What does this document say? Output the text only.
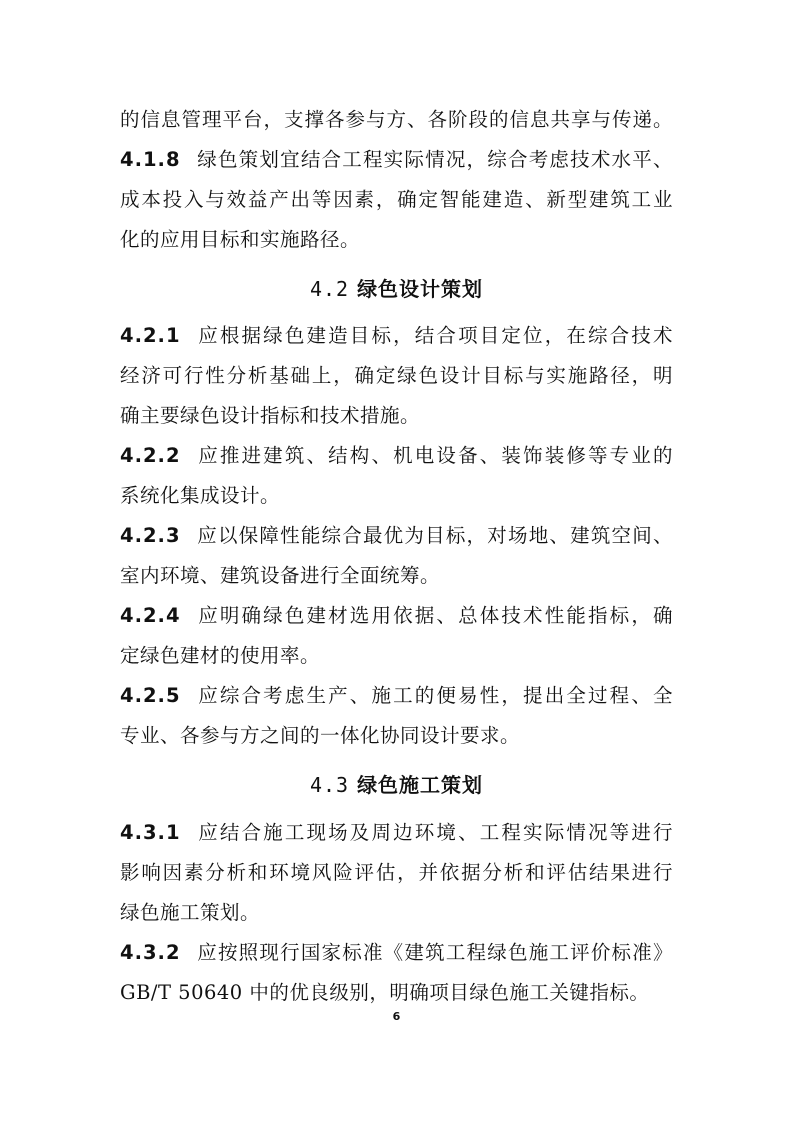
的信息管理平台，支撑各参与方、各阶段的信息共享与传递。
4.1.8 绿色策划宜结合工程实际情况，综合考虑技术水平、
成本投入与效益产出等因素，确定智能建造、新型建筑工业
化的应用目标和实施路径。
4.2 绿色设计策划
4.2.1 应根据绿色建造目标，结合项目定位，在综合技术
经济可行性分析基础上，确定绿色设计目标与实施路径，明
确主要绿色设计指标和技术措施。
4.2.2 应推进建筑、结构、机电设备、装饰装修等专业的
系统化集成设计。
4.2.3 应以保障性能综合最优为目标，对场地、建筑空间、
室内环境、建筑设备进行全面统筹。
4.2.4 应明确绿色建材选用依据、总体技术性能指标，确
定绿色建材的使用率。
4.2.5 应综合考虑生产、施工的便易性，提出全过程、全
专业、各参与方之间的一体化协同设计要求。
4.3 绿色施工策划
4.3.1 应结合施工现场及周边环境、工程实际情况等进行
影响因素分析和环境风险评估，并依据分析和评估结果进行
绿色施工策划。
4.3.2 应按照现行国家标准《建筑工程绿色施工评价标准》
GB/T 50640 中的优良级别，明确项目绿色施工关键指标。
6
